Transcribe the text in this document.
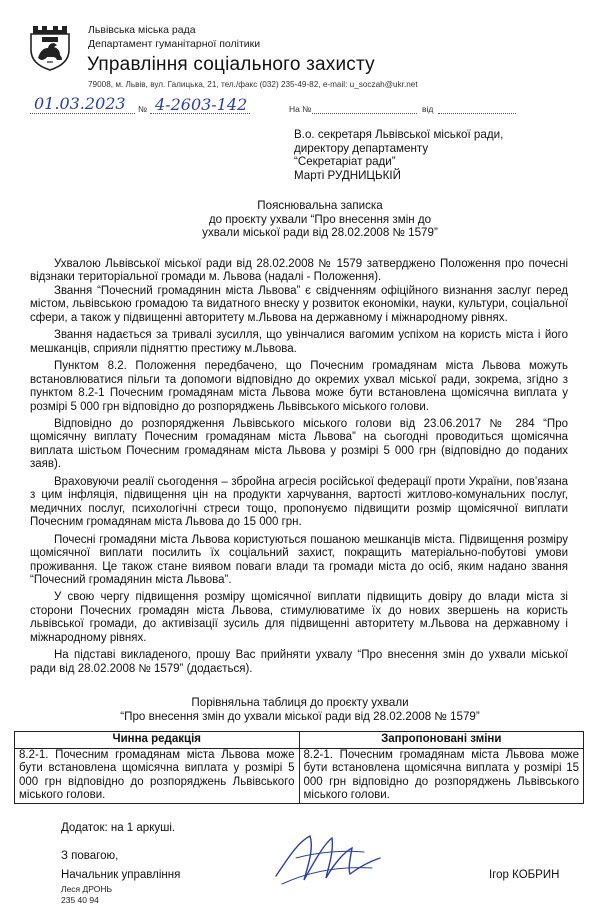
Львівська міська рада
Департамент гуманітарної політики
Управління соціального захисту
79008, м. Львів, вул. Галицька, 21, тел./факс (032) 235-49-82, e-mail: u_soczah@ukr.net
01.03.2023 № 4-2603-142	На №	від
В.о. секретаря Львівської міської ради,
директору департаменту
“Секретаріат ради”
Марті РУДНИЦЬКІЙ
Пояснювальна записка
до проєкту ухвали “Про внесення змін до
ухвали міської ради від 28.02.2008 № 1579”

Ухвалою Львівської міської ради від 28.02.2008 № 1579 затверджено Положення про почесні відзнаки територіальної громади м. Львова (надалі - Положення).

Звання “Почесний громадянин міста Львова” є свідченням офіційного визнання заслуг перед містом, львівською громадою та видатного внеску у розвиток економіки, науки, культури, соціальної сфери, а також у підвищенні авторитету м.Львова на державному і міжнародному рівнях.

Звання надається за тривалі зусилля, що увінчалися вагомим успіхом на користь міста і його мешканців, сприяли підняттю престижу м.Львова.

Пунктом 8.2. Положення передбачено, що Почесним громадянам міста Львова можуть встановлюватися пільги та допомоги відповідно до окремих ухвал міської ради, зокрема, згідно з пунктом 8.2-1 Почесним громадянам міста Львова може бути встановлена щомісячна виплата у розмірі 5 000 грн відповідно до розпоряджень Львівського міського голови.

Відповідно до розпорядження Львівського міського голови від 23.06.2017 № 284 “Про щомісячну виплату Почесним громадянам міста Львова” на сьогодні проводиться щомісячна виплата шістьом Почесним громадянам міста Львова у розмірі 5 000 грн (відповідно до поданих заяв).

Враховуючи реалії сьогодення – збройна агресія російської федерації проти України, пов’язана з цим інфляція, підвищення цін на продукти харчування, вартості житлово-комунальних послуг, медичних послуг, психологічні стреси тощо, пропонуємо підвищити розмір щомісячної виплати Почесним громадянам міста Львова до 15 000 грн.

Почесні громадяни міста Львова користуються пошаною мешканців міста. Підвищення розміру щомісячної виплати посилить їх соціальний захист, покращить матеріально-побутові умови проживання. Це також стане виявом поваги влади та громади міста до осіб, яким надано звання “Почесний громадянин міста Львова”.

У свою чергу підвищення розміру щомісячної виплати підвищить довіру до влади міста зі сторони Почесних громадян міста Львова, стимулюватиме їх до нових звершень на користь львівської громади, до активізації зусиль для підвищенні авторитету м.Львова на державному і міжнародному рівнях.

На підставі викладеного, прошу Вас прийняти ухвалу “Про внесення змін до ухвали міської ради від 28.02.2008 № 1579” (додається).

Порівняльна таблиця до проєкту ухвали
“Про внесення змін до ухвали міської ради від 28.02.2008 № 1579”
Чинна редакція	Запропоновані зміни
8.2-1. Почесним громадянам міста Львова може бути встановлена щомісячна виплата у розмірі 5 000 грн відповідно до розпоряджень Львівського міського голови.	8.2-1. Почесним громадянам міста Львова може бути встановлена щомісячна виплата у розмірі 15 000 грн відповідно до розпоряджень Львівського міського голови.
Додаток: на 1 аркуші.
З повагою,
Начальник управління	Ігор КОБРИН
Леся ДРОНЬ
235 40 94
